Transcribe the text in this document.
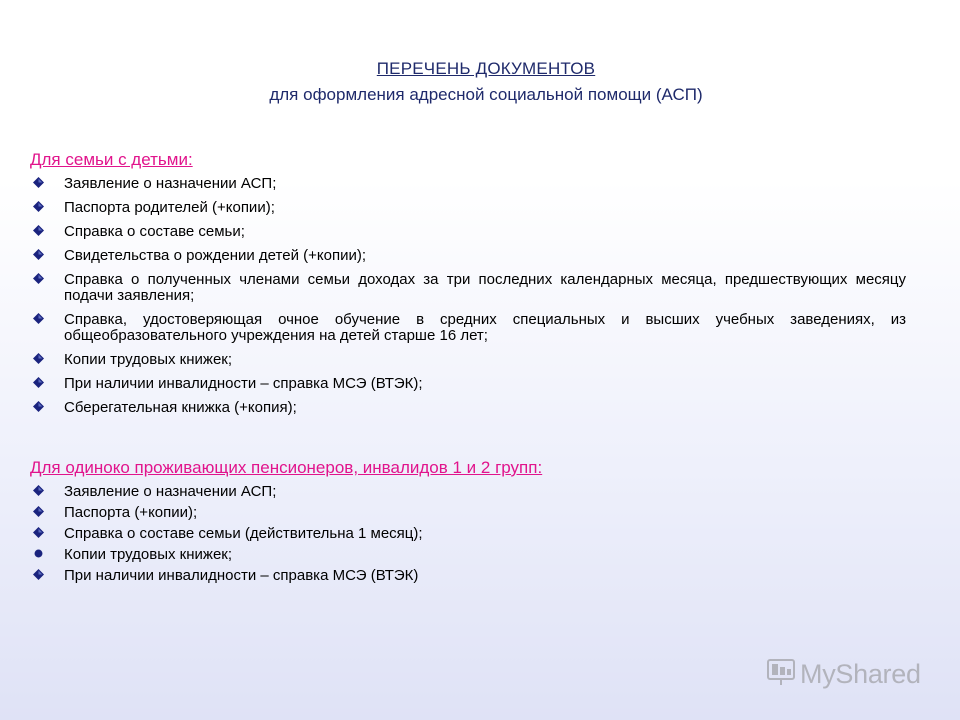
ПЕРЕЧЕНЬ ДОКУМЕНТОВ
для оформления адресной социальной помощи (АСП)
Для семьи с детьми:
Заявление о назначении АСП;
Паспорта родителей (+копии);
Справка о составе семьи;
Свидетельства о рождении детей (+копии);
Справка о полученных членами семьи доходах за три последних календарных месяца, предшествующих месяцу подачи заявления;
Справка, удостоверяющая очное обучение в средних специальных и высших учебных заведениях, из общеобразовательного учреждения на детей старше 16 лет;
Копии трудовых книжек;
При наличии инвалидности – справка МСЭ (ВТЭК);
Сберегательная книжка (+копия);
Для одиноко проживающих пенсионеров, инвалидов 1 и 2 групп:
Заявление о назначении АСП;
Паспорта (+копии);
Справка о составе семьи (действительна 1 месяц);
Копии трудовых книжек;
При наличии инвалидности – справка МСЭ (ВТЭК)
MyShared
